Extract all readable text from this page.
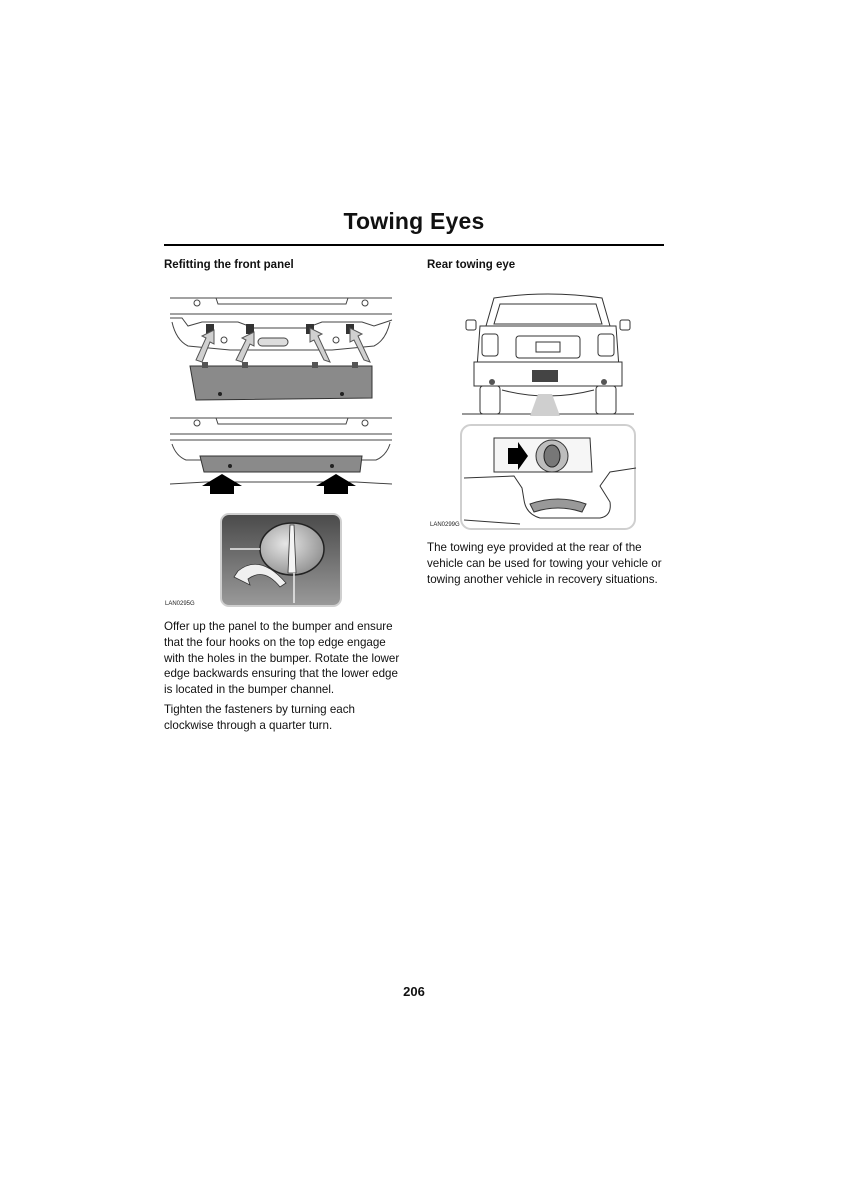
Towing Eyes
Refitting the front panel	Rear towing eye
LAN0295G
LAN0299G

Offer up the panel to the bumper and ensure that the four hooks on the top edge engage with the holes in the bumper. Rotate the lower edge backwards ensuring that the lower edge is located in the bumper channel.

Tighten the fasteners by turning each clockwise through a quarter turn.

The towing eye provided at the rear of the vehicle can be used for towing your vehicle or towing another vehicle in recovery situations.

206
